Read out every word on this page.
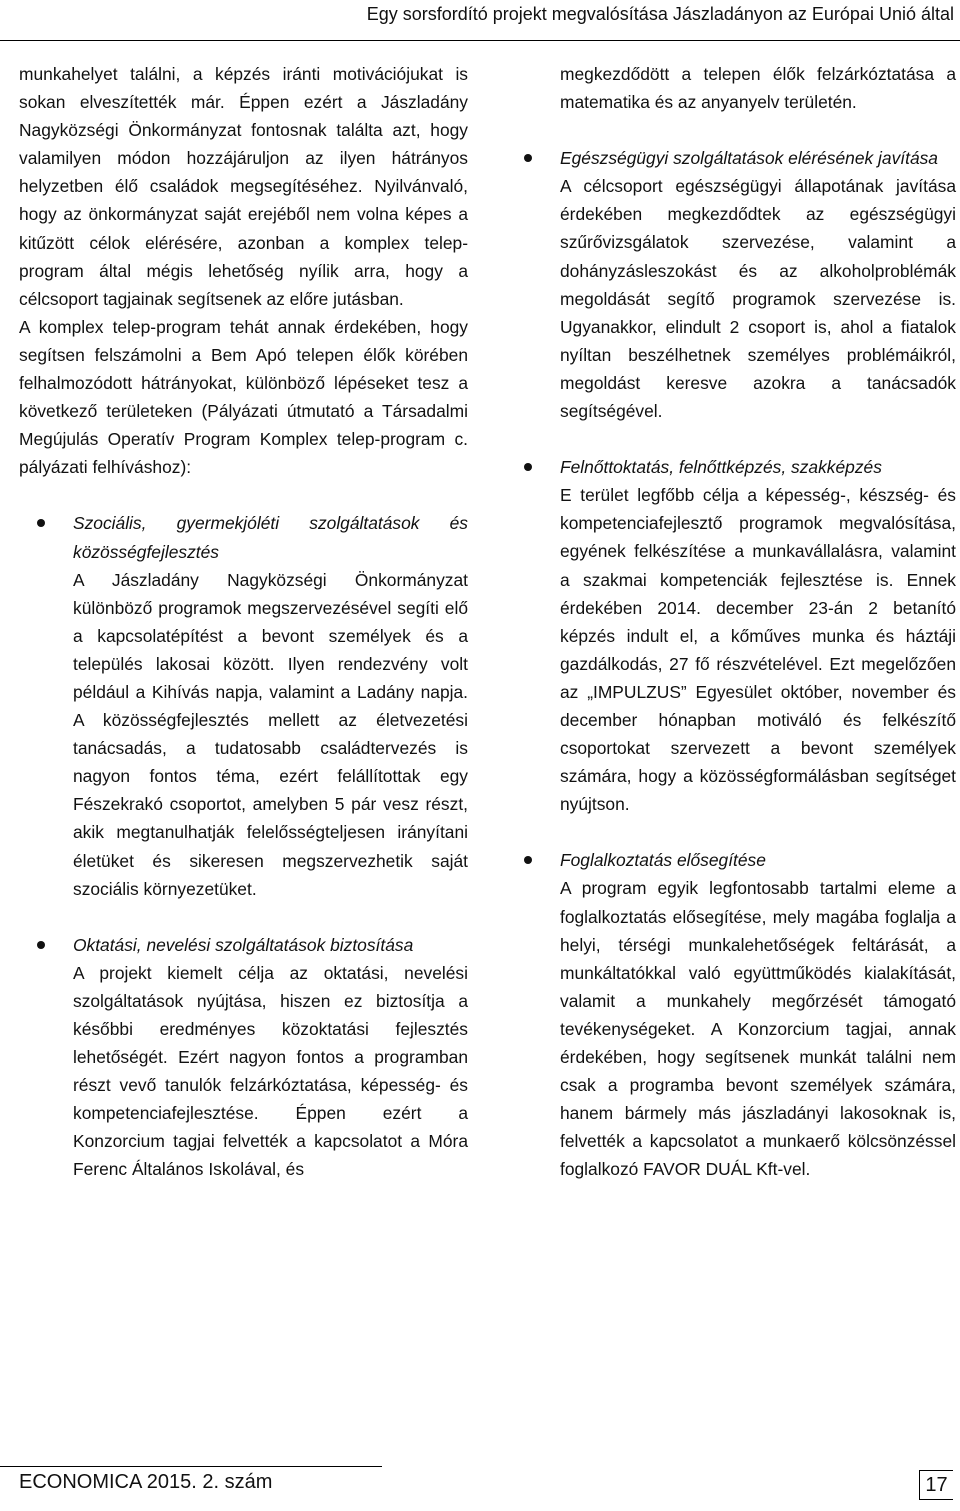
Egy sorsfordító projekt megvalósítása Jászladányon az Európai Unió által

munkahelyet találni, a képzés iránti motivációjukat is sokan elveszítették már. Éppen ezért a Jászladány Nagyközségi Önkormányzat fontosnak találta azt, hogy valamilyen módon hozzájáruljon az ilyen hátrányos helyzetben élő családok megsegítéséhez. Nyilvánvaló, hogy az önkormányzat saját erejéből nem volna képes a kitűzött célok elérésére, azonban a komplex telep-program által mégis lehetőség nyílik arra, hogy a célcsoport tagjainak segítsenek az előre jutásban.

A komplex telep-program tehát annak érdekében, hogy segítsen felszámolni a Bem Apó telepen élők körében felhalmozódott hátrányokat, különböző lépéseket tesz a következő területeken (Pályázati útmutató a Társadalmi Megújulás Operatív Program Komplex telep-program c. pályázati felhíváshoz):

Szociális, gyermekjóléti szolgáltatások és közösségfejlesztés

A Jászladány Nagyközségi Önkormányzat különböző programok megszervezésével segíti elő a kapcsolatépítést a bevont személyek és a település lakosai között. Ilyen rendezvény volt például a Kihívás napja, valamint a Ladány napja. A közösségfejlesztés mellett az életvezetési tanácsadás, a tudatosabb családtervezés is nagyon fontos téma, ezért felállítottak egy Fészekrakó csoportot, amelyben 5 pár vesz részt, akik megtanulhatják felelősségteljesen irányítani életüket és sikeresen megszervezhetik saját szociális környezetüket.

Oktatási, nevelési szolgáltatások biztosítása

A projekt kiemelt célja az oktatási, nevelési szolgáltatások nyújtása, hiszen ez biztosítja a későbbi eredményes közoktatási fejlesztés lehetőségét. Ezért nagyon fontos a programban részt vevő tanulók felzárkóztatása, képesség- és kompetenciafejlesztése. Éppen ezért a Konzorcium tagjai felvették a kapcsolatot a Móra Ferenc Általános Iskolával, és

megkezdődött a telepen élők felzárkóztatása a matematika és az anyanyelv területén.

Egészségügyi szolgáltatások elérésének javítása

A célcsoport egészségügyi állapotának javítása érdekében megkezdődtek az egészségügyi szűrővizsgálatok szervezése, valamint a dohányzásleszokást és az alkoholproblémák megoldását segítő programok szervezése is. Ugyanakkor, elindult 2 csoport is, ahol a fiatalok nyíltan beszélhetnek személyes problémáikról, megoldást keresve azokra a tanácsadók segítségével.

Felnőttoktatás, felnőttképzés, szakképzés

E terület legfőbb célja a képesség-, készség- és kompetenciafejlesztő programok megvalósítása, egyének felkészítése a munkavállalásra, valamint a szakmai kompetenciák fejlesztése is. Ennek érdekében 2014. december 23-án 2 betanító képzés indult el, a kőműves munka és háztáji gazdálkodás, 27 fő részvételével. Ezt megelőzően az „IMPULZUS” Egyesület október, november és december hónapban motiváló és felkészítő csoportokat szervezett a bevont személyek számára, hogy a közösségformálásban segítséget nyújtson.

Foglalkoztatás elősegítése

A program egyik legfontosabb tartalmi eleme a foglalkoztatás elősegítése, mely magába foglalja a helyi, térségi munkalehetőségek feltárását, a munkáltatókkal való együttműködés kialakítását, valamit a munkahely megőrzését támogató tevékenységeket. A Konzorcium tagjai, annak érdekében, hogy segítsenek munkát találni nem csak a programba bevont személyek számára, hanem bármely más jászladányi lakosoknak is, felvették a kapcsolatot a munkaerő kölcsönzéssel foglalkozó FAVOR DUÁL Kft-vel.

ECONOMICA 2015. 2. szám	17
